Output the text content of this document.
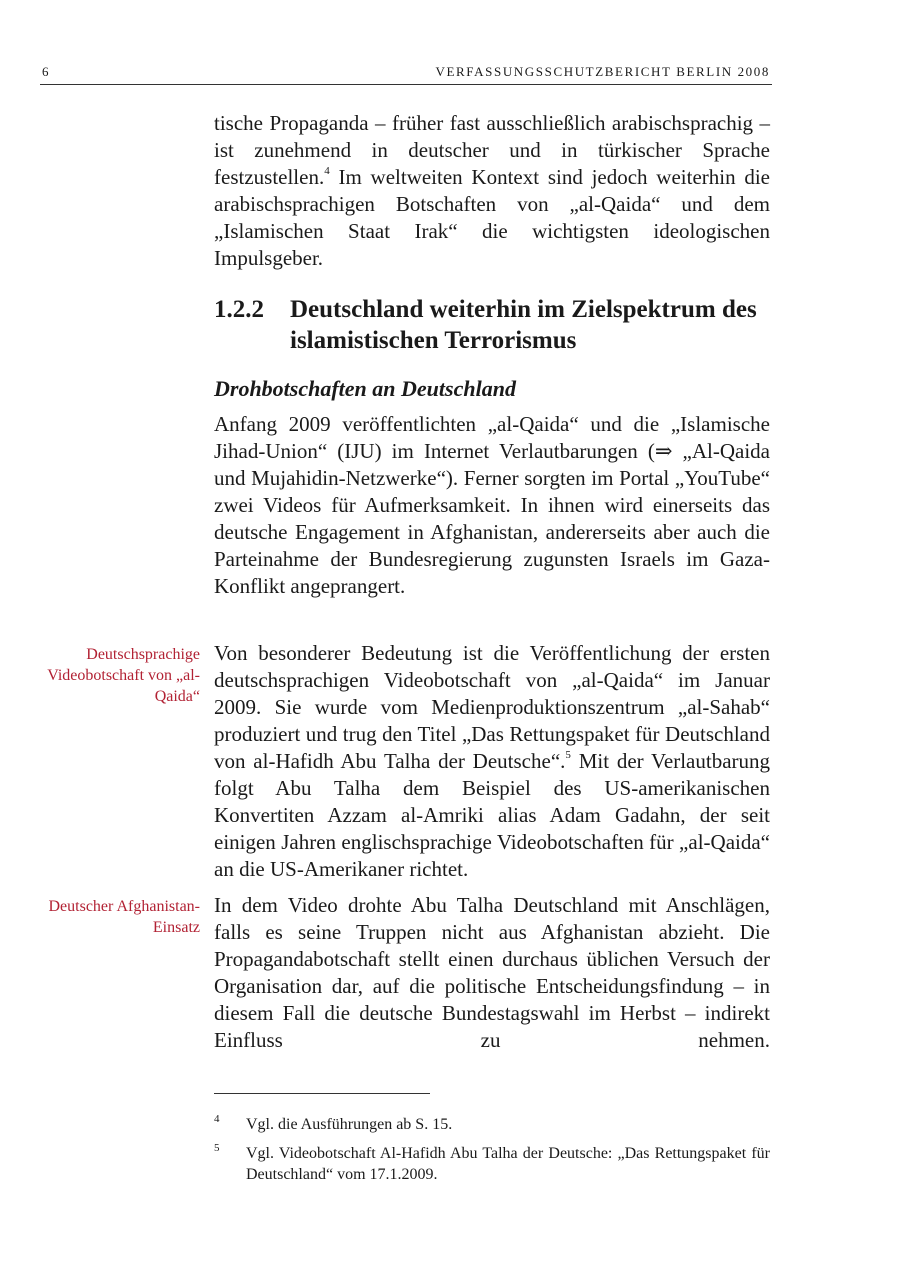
6	VERFASSUNGSSCHUTZBERICHT BERLIN 2008
tische Propaganda – früher fast ausschließlich arabischsprachig – ist zunehmend in deutscher und in türkischer Sprache festzustellen.$^4$ Im weltweiten Kontext sind jedoch weiterhin die arabischsprachigen Botschaften von „al-Qaida“ und dem „Islamischen Staat Irak“ die wichtigsten ideologischen Impulsgeber.
1.2.2 Deutschland weiterhin im Zielspektrum des islamistischen Terrorismus
Drohbotschaften an Deutschland
Anfang 2009 veröffentlichten „al-Qaida“ und die „Islamische Jihad-Union“ (IJU) im Internet Verlautbarungen (⇒ „Al-Qaida und Mujahidin-Netzwerke“). Ferner sorgten im Portal „YouTube“ zwei Videos für Aufmerksamkeit. In ihnen wird einerseits das deutsche Engagement in Afghanistan, andererseits aber auch die Parteinahme der Bundesregierung zugunsten Israels im Gaza-Konflikt angeprangert.
Deutschsprachige Videobotschaft von „al-Qaida“
Von besonderer Bedeutung ist die Veröffentlichung der ersten deutschsprachigen Videobotschaft von „al-Qaida“ im Januar 2009. Sie wurde vom Medienproduktionszentrum „al-Sahab“ produziert und trug den Titel „Das Rettungspaket für Deutschland von al-Hafidh Abu Talha der Deutsche“.$^5$ Mit der Verlautbarung folgt Abu Talha dem Beispiel des US-amerikanischen Konvertiten Azzam al-Amriki alias Adam Gadahn, der seit einigen Jahren englischsprachige Videobotschaften für „al-Qaida“ an die US-Amerikaner richtet.
Deutscher Afghanistan-Einsatz
In dem Video drohte Abu Talha Deutschland mit Anschlägen, falls es seine Truppen nicht aus Afghanistan abzieht. Die Propagandabotschaft stellt einen durchaus üblichen Versuch der Organisation dar, auf die politische Entscheidungsfindung – in diesem Fall die deutsche Bundestagswahl im Herbst – indirekt Einfluss zu nehmen.
4 Vgl. die Ausführungen ab S. 15.
5 Vgl. Videobotschaft Al-Hafidh Abu Talha der Deutsche: „Das Rettungspaket für Deutschland“ vom 17.1.2009.
